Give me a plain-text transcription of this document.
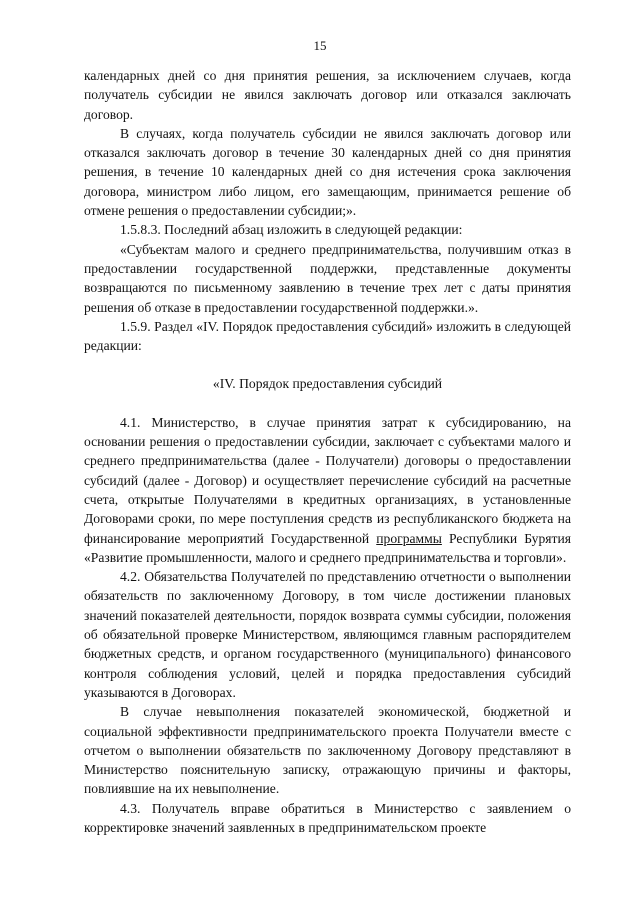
15

календарных дней со дня принятия решения, за исключением случаев, когда получатель субсидии не явился заключать договор или отказался заключать договор.

В случаях, когда получатель субсидии не явился заключать договор или отказался заключать договор в течение 30 календарных дней со дня принятия решения, в течение 10 календарных дней со дня истечения срока заключения договора, министром либо лицом, его замещающим, принимается решение об отмене решения о предоставлении субсидии;».

1.5.8.3. Последний абзац изложить в следующей редакции:

«Субъектам малого и среднего предпринимательства, получившим отказ в предоставлении государственной поддержки, представленные документы возвращаются по письменному заявлению в течение трех лет с даты принятия решения об отказе в предоставлении государственной поддержки.».

1.5.9. Раздел «IV. Порядок предоставления субсидий» изложить в следующей редакции:

«IV. Порядок предоставления субсидий

4.1. Министерство, в случае принятия затрат к субсидированию, на основании решения о предоставлении субсидии, заключает с субъектами малого и среднего предпринимательства (далее - Получатели) договоры о предоставлении субсидий (далее - Договор) и осуществляет перечисление субсидий на расчетные счета, открытые Получателями в кредитных организациях, в установленные Договорами сроки, по мере поступления средств из республиканского бюджета на финансирование мероприятий Государственной программы Республики Бурятия «Развитие промышленности, малого и среднего предпринимательства и торговли».

4.2. Обязательства Получателей по представлению отчетности о выполнении обязательств по заключенному Договору, в том числе достижении плановых значений показателей деятельности, порядок возврата суммы субсидии, положения об обязательной проверке Министерством, являющимся главным распорядителем бюджетных средств, и органом государственного (муниципального) финансового контроля соблюдения условий, целей и порядка предоставления субсидий указываются в Договорах.

В случае невыполнения показателей экономической, бюджетной и социальной эффективности предпринимательского проекта Получатели вместе с отчетом о выполнении обязательств по заключенному Договору представляют в Министерство пояснительную записку, отражающую причины и факторы, повлиявшие на их невыполнение.

4.3. Получатель вправе обратиться в Министерство с заявлением о корректировке значений заявленных в предпринимательском проекте
